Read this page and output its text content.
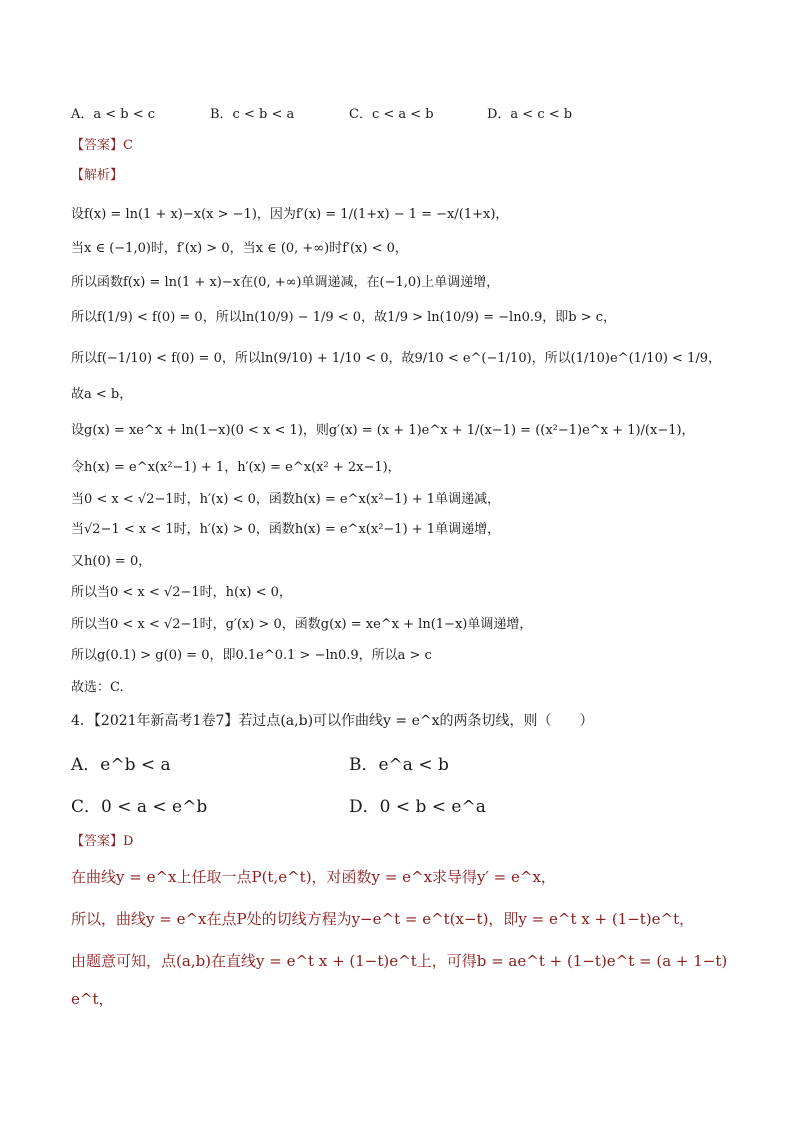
A．a < b < c	B．c < b < a	C．c < a < b	D．a < c < b
【答案】C
【解析】
设f(x) = ln(1 + x)−x(x > −1)，因为f′(x) = 1/(1+x) − 1 = −x/(1+x)，
当x ∈ (−1,0)时，f′(x) > 0，当x ∈ (0, +∞)时f′(x) < 0，
所以函数f(x) = ln(1 + x)−x在(0, +∞)单调递减，在(−1,0)上单调递增，
所以f(1/9) < f(0) = 0，所以ln(10/9) − 1/9 < 0，故1/9 > ln(10/9) = −ln0.9，即b > c，
所以f(−1/10) < f(0) = 0，所以ln(9/10) + 1/10 < 0，故9/10 < e^(−1/10)，所以(1/10)e^(1/10) < 1/9，
故a < b，
设g(x) = xe^x + ln(1−x)(0 < x < 1)，则g′(x) = (x + 1)e^x + 1/(x−1) = ((x²−1)e^x + 1)/(x−1)，
令h(x) = e^x(x²−1) + 1，h′(x) = e^x(x² + 2x−1)，
当0 < x < √2−1时，h′(x) < 0，函数h(x) = e^x(x²−1) + 1单调递减，
当√2−1 < x < 1时，h′(x) > 0，函数h(x) = e^x(x²−1) + 1单调递增，
又h(0) = 0，
所以当0 < x < √2−1时，h(x) < 0，
所以当0 < x < √2−1时，g′(x) > 0，函数g(x) = xe^x + ln(1−x)单调递增，
所以g(0.1) > g(0) = 0，即0.1e^0.1 > −ln0.9，所以a > c
故选：C.
4．【2021年新高考1卷7】若过点(a,b)可以作曲线y = e^x的两条切线，则（　　）
A．e^b < a	B．e^a < b
C．0 < a < e^b	D．0 < b < e^a
【答案】D
在曲线y = e^x上任取一点P(t,e^t)，对函数y = e^x求导得y′ = e^x，
所以，曲线y = e^x在点P处的切线方程为y−e^t = e^t(x−t)，即y = e^t x + (1−t)e^t，
由题意可知，点(a,b)在直线y = e^t x + (1−t)e^t上，可得b = ae^t + (1−t)e^t = (a + 1−t)
e^t，
